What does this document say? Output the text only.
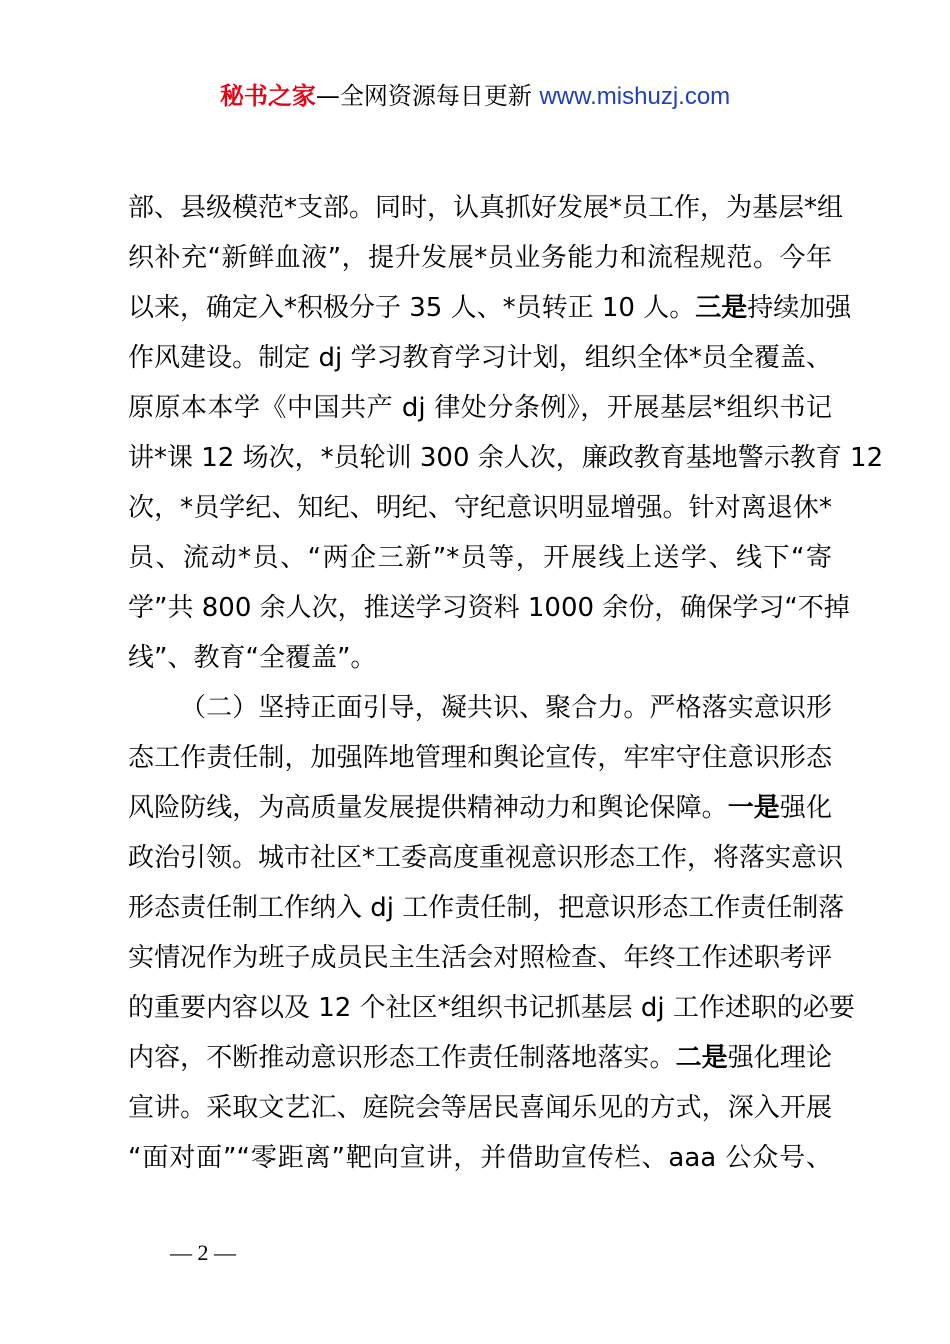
秘书之家—全网资源每日更新 www.mishuzj.com
部、县级模范*支部。同时，认真抓好发展*员工作，为基层*组
织补充“新鲜血液”，提升发展*员业务能力和流程规范。今年
以来，确定入*积极分子 35 人、*员转正 10 人。三是持续加强
作风建设。制定 dj 学习教育学习计划，组织全体*员全覆盖、
原原本本学《中国共产 dj 律处分条例》，开展基层*组织书记
讲*课 12 场次，*员轮训 300 余人次，廉政教育基地警示教育 12
次，*员学纪、知纪、明纪、守纪意识明显增强。针对离退休*
员、流动*员、“两企三新”*员等，开展线上送学、线下“寄
学”共 800 余人次，推送学习资料 1000 余份，确保学习“不掉
线”、教育“全覆盖”。
（二）坚持正面引导，凝共识、聚合力。严格落实意识形
态工作责任制，加强阵地管理和舆论宣传，牢牢守住意识形态
风险防线，为高质量发展提供精神动力和舆论保障。一是强化
政治引领。城市社区*工委高度重视意识形态工作，将落实意识
形态责任制工作纳入 dj 工作责任制，把意识形态工作责任制落
实情况作为班子成员民主生活会对照检查、年终工作述职考评
的重要内容以及 12 个社区*组织书记抓基层 dj 工作述职的必要
内容，不断推动意识形态工作责任制落地落实。二是强化理论
宣讲。采取文艺汇、庭院会等居民喜闻乐见的方式，深入开展
“面对面”“零距离”靶向宣讲，并借助宣传栏、aaa 公众号、
— 2 —
